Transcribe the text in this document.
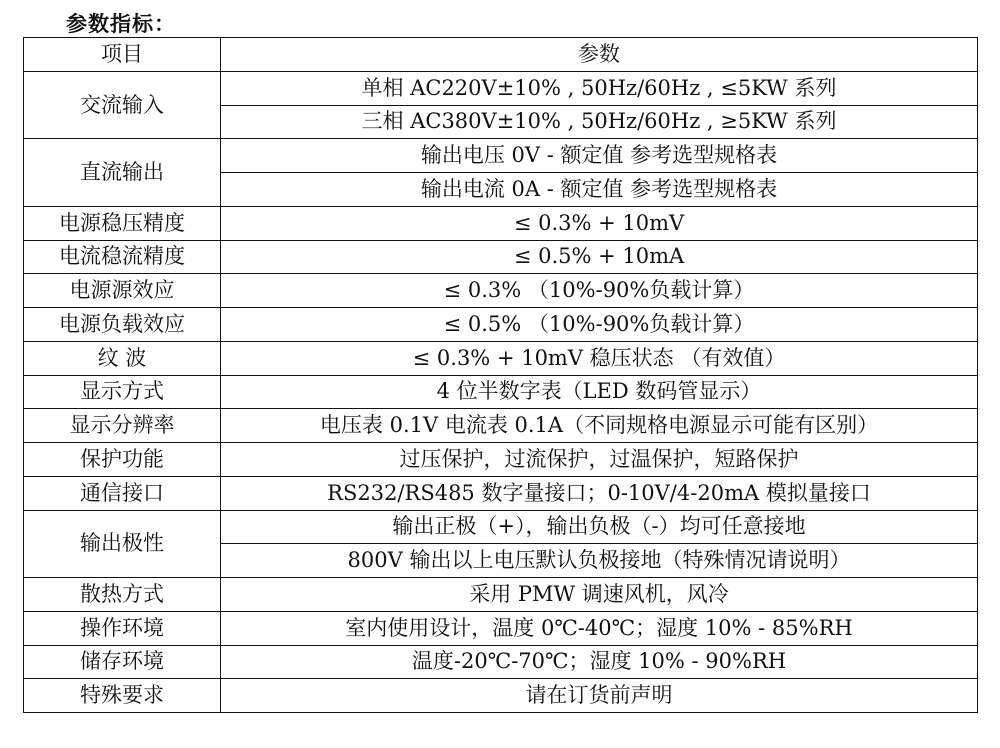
参数指标：
项目	参数
交流输入	单相 AC220V±10% , 50Hz/60Hz , ≤5KW 系列
	三相 AC380V±10% , 50Hz/60Hz , ≥5KW 系列
直流输出	输出电压 0V - 额定值 参考选型规格表
	输出电流 0A - 额定值 参考选型规格表
电源稳压精度	≤ 0.3% + 10mV
电流稳流精度	≤ 0.5% + 10mA
电源源效应	≤ 0.3% （10%-90%负载计算）
电源负载效应	≤ 0.5% （10%-90%负载计算）
纹 波	≤ 0.3% + 10mV 稳压状态 （有效值）
显示方式	4 位半数字表（LED 数码管显示）
显示分辨率	电压表 0.1V 电流表 0.1A（不同规格电源显示可能有区别）
保护功能	过压保护，过流保护，过温保护，短路保护
通信接口	RS232/RS485 数字量接口；0-10V/4-20mA 模拟量接口
输出极性	输出正极（+），输出负极（-）均可任意接地
	800V 输出以上电压默认负极接地（特殊情况请说明）
散热方式	采用 PMW 调速风机，风冷
操作环境	室内使用设计，温度 0℃-40℃；湿度 10% - 85%RH
储存环境	温度-20℃-70℃；湿度 10% - 90%RH
特殊要求	请在订货前声明
